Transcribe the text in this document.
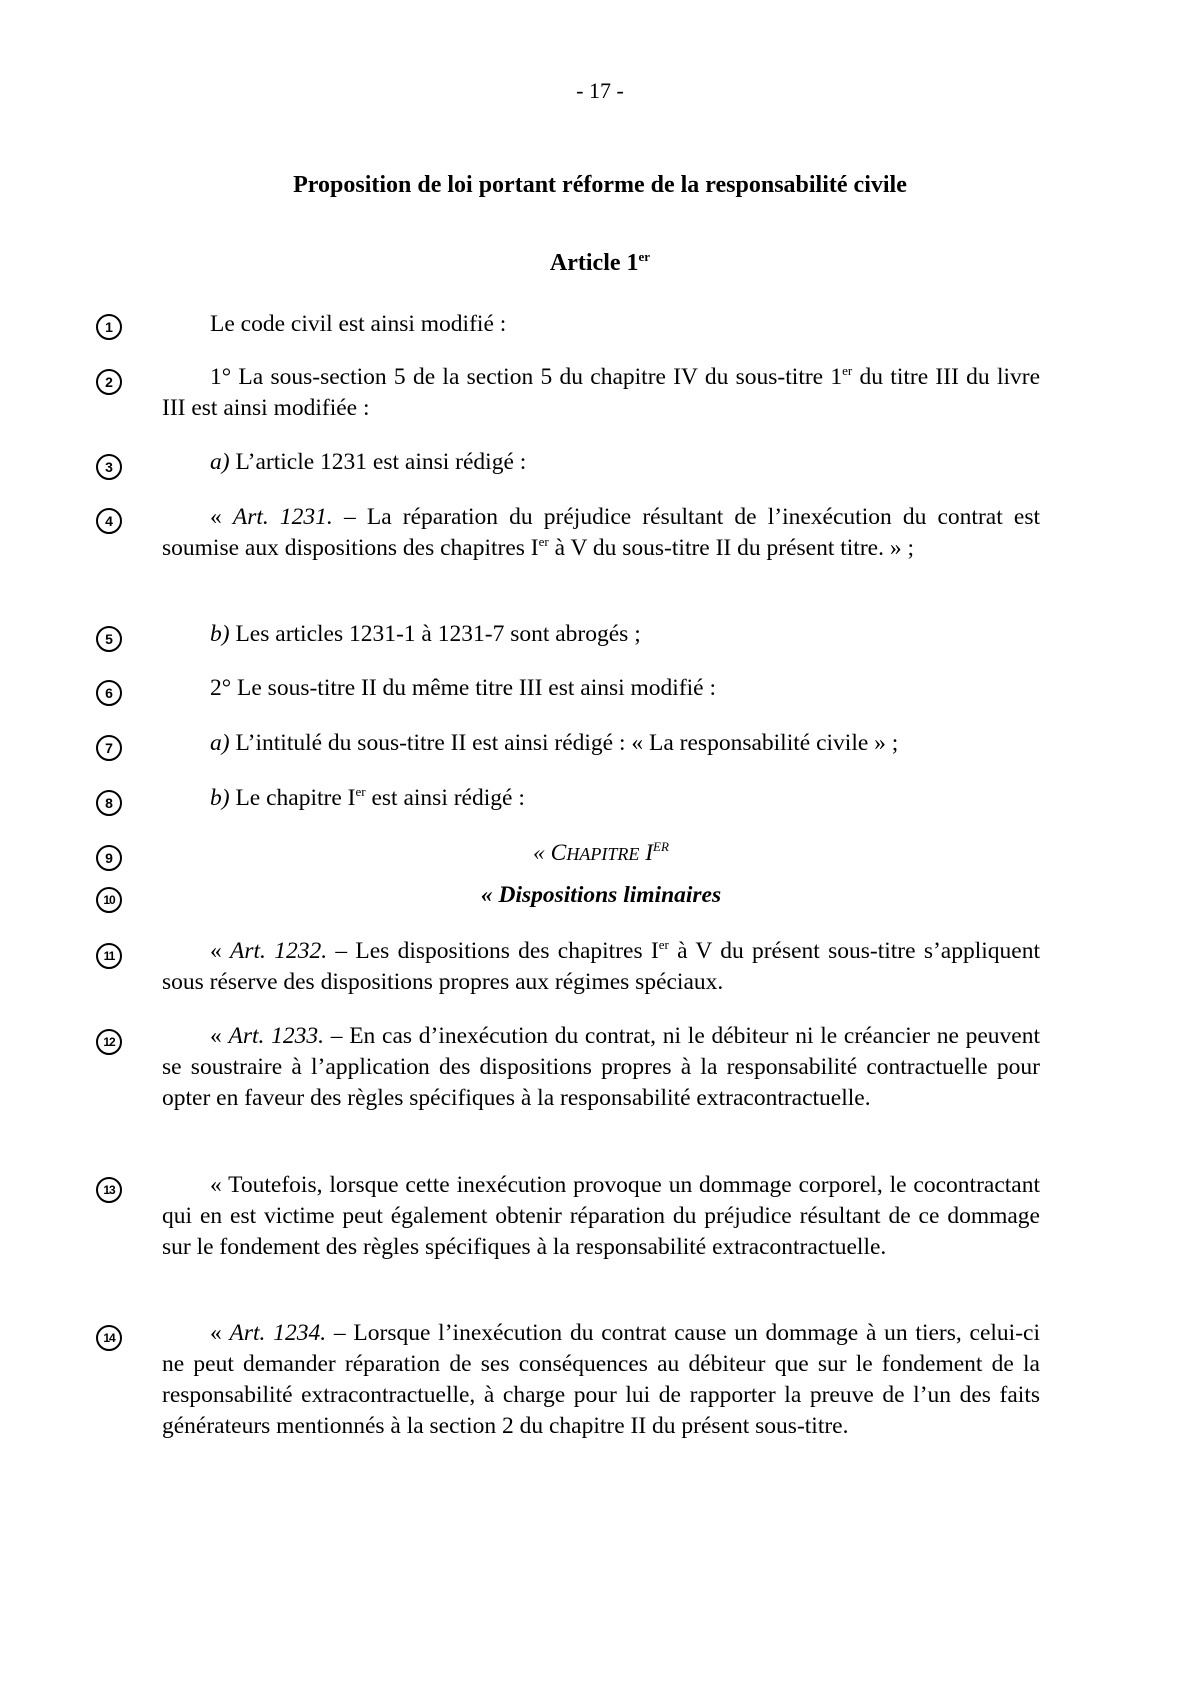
- 17 -
Proposition de loi portant réforme de la responsabilité civile
Article 1er
1
2
3
4
5
6
7
8
9
10
11
12
13
14
Le code civil est ainsi modifié :
1° La sous-section 5 de la section 5 du chapitre IV du sous-titre 1er du titre III du livre III est ainsi modifiée :
a) L’article 1231 est ainsi rédigé :
« Art. 1231. – La réparation du préjudice résultant de l’inexécution du contrat est soumise aux dispositions des chapitres Ier à V du sous-titre II du présent titre. » ;
b) Les articles 1231-1 à 1231-7 sont abrogés ;
2° Le sous-titre II du même titre III est ainsi modifié :
a) L’intitulé du sous-titre II est ainsi rédigé : « La responsabilité civile » ;
b) Le chapitre Ier est ainsi rédigé :
« CHAPITRE IER
« Dispositions liminaires
« Art. 1232. – Les dispositions des chapitres Ier à V du présent sous-titre s’appliquent sous réserve des dispositions propres aux régimes spéciaux.
« Art. 1233. – En cas d’inexécution du contrat, ni le débiteur ni le créancier ne peuvent se soustraire à l’application des dispositions propres à la responsabilité contractuelle pour opter en faveur des règles spécifiques à la responsabilité extracontractuelle.
« Toutefois, lorsque cette inexécution provoque un dommage corporel, le cocontractant qui en est victime peut également obtenir réparation du préjudice résultant de ce dommage sur le fondement des règles spécifiques à la responsabilité extracontractuelle.
« Art. 1234. – Lorsque l’inexécution du contrat cause un dommage à un tiers, celui-ci ne peut demander réparation de ses conséquences au débiteur que sur le fondement de la responsabilité extracontractuelle, à charge pour lui de rapporter la preuve de l’un des faits générateurs mentionnés à la section 2 du chapitre II du présent sous-titre.
